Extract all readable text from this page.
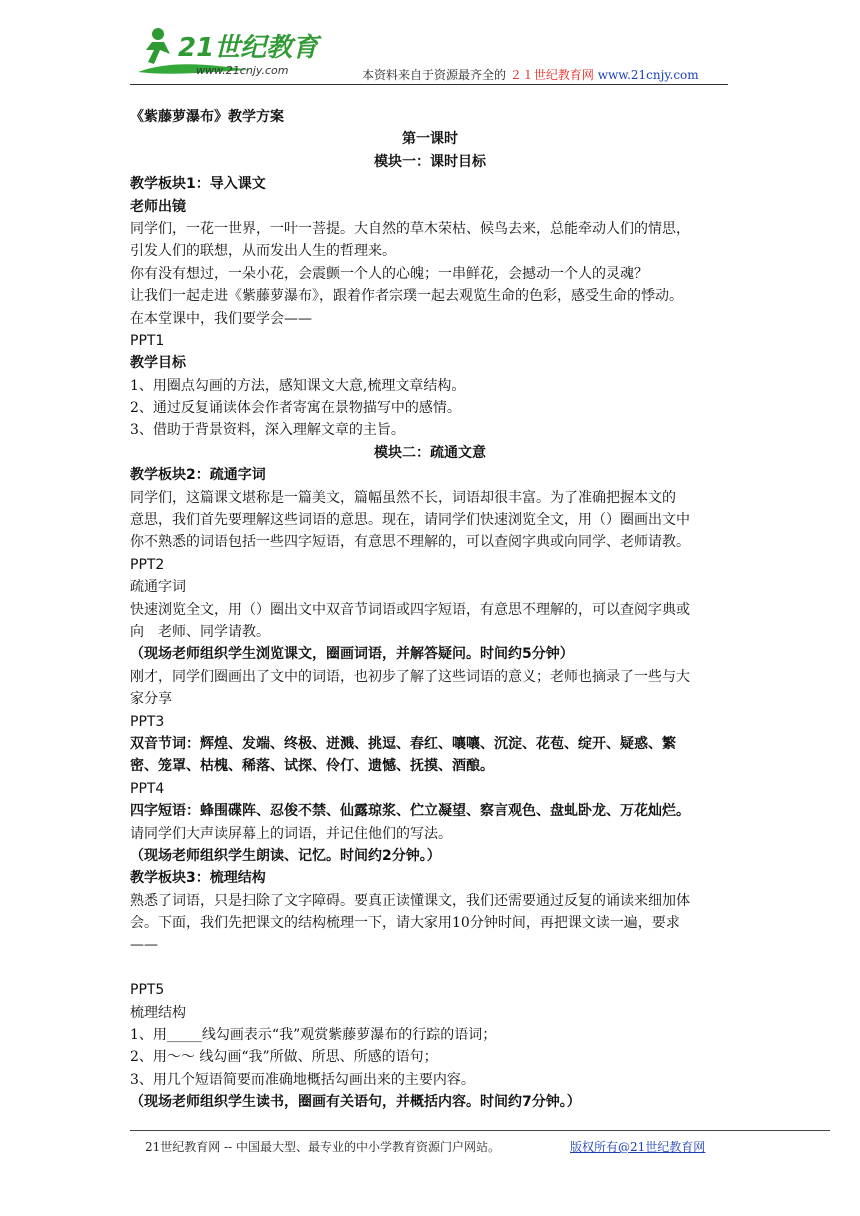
21世纪教育
www.21cnjy.com	本资料来自于资源最齐全的 ２１世纪教育网 www.21cnjy.com
《紫藤萝瀑布》教学方案
第一课时
模块一：课时目标
教学板块1：导入课文
老师出镜
同学们，一花一世界，一叶一菩提。大自然的草木荣枯、候鸟去来，总能牵动人们的情思，
引发人们的联想，从而发出人生的哲理来。
你有没有想过，一朵小花，会震颤一个人的心魄；一串鲜花，会撼动一个人的灵魂？
让我们一起走进《紫藤萝瀑布》，跟着作者宗璞一起去观览生命的色彩，感受生命的悸动。
在本堂课中，我们要学会——
PPT1
教学目标
1、用圈点勾画的方法，感知课文大意,梳理文章结构。
2、通过反复诵读体会作者寄寓在景物描写中的感情。
3、借助于背景资料，深入理解文章的主旨。
模块二：疏通文意
教学板块2：疏通字词
同学们，这篇课文堪称是一篇美文，篇幅虽然不长，词语却很丰富。为了准确把握本文的
意思，我们首先要理解这些词语的意思。现在，请同学们快速浏览全文，用（）圈画出文中
你不熟悉的词语包括一些四字短语，有意思不理解的，可以查阅字典或向同学、老师请教。
PPT2
疏通字词
快速浏览全文，用（）圈出文中双音节词语或四字短语，有意思不理解的，可以查阅字典或
向　老师、同学请教。
（现场老师组织学生浏览课文，圈画词语，并解答疑问。时间约5分钟）
刚才，同学们圈画出了文中的词语，也初步了解了这些词语的意义；老师也摘录了一些与大
家分享
PPT3
双音节词：辉煌、发端、终极、迸溅、挑逗、春红、嚷嚷、沉淀、花苞、绽开、疑惑、繁
密、笼罩、枯槐、稀落、试探、伶仃、遗憾、抚摸、酒酿。
PPT4
四字短语：蜂围碟阵、忍俊不禁、仙露琼浆、伫立凝望、察言观色、盘虬卧龙、万花灿烂。
请同学们大声读屏幕上的词语，并记住他们的写法。
（现场老师组织学生朗读、记忆。时间约2分钟。）
教学板块3：梳理结构
熟悉了词语，只是扫除了文字障碍。要真正读懂课文，我们还需要通过反复的诵读来细加体
会。下面，我们先把课文的结构梳理一下，请大家用10分钟时间，再把课文读一遍，要求
——
PPT5
梳理结构
1、用_____线勾画表示“我”观赏紫藤萝瀑布的行踪的语词；
2、用～～ 线勾画“我”所做、所思、所感的语句；
3、用几个短语简要而准确地概括勾画出来的主要内容。
（现场老师组织学生读书，圈画有关语句，并概括内容。时间约7分钟。）
21世纪教育网 -- 中国最大型、最专业的中小学教育资源门户网站。	版权所有@21世纪教育网
